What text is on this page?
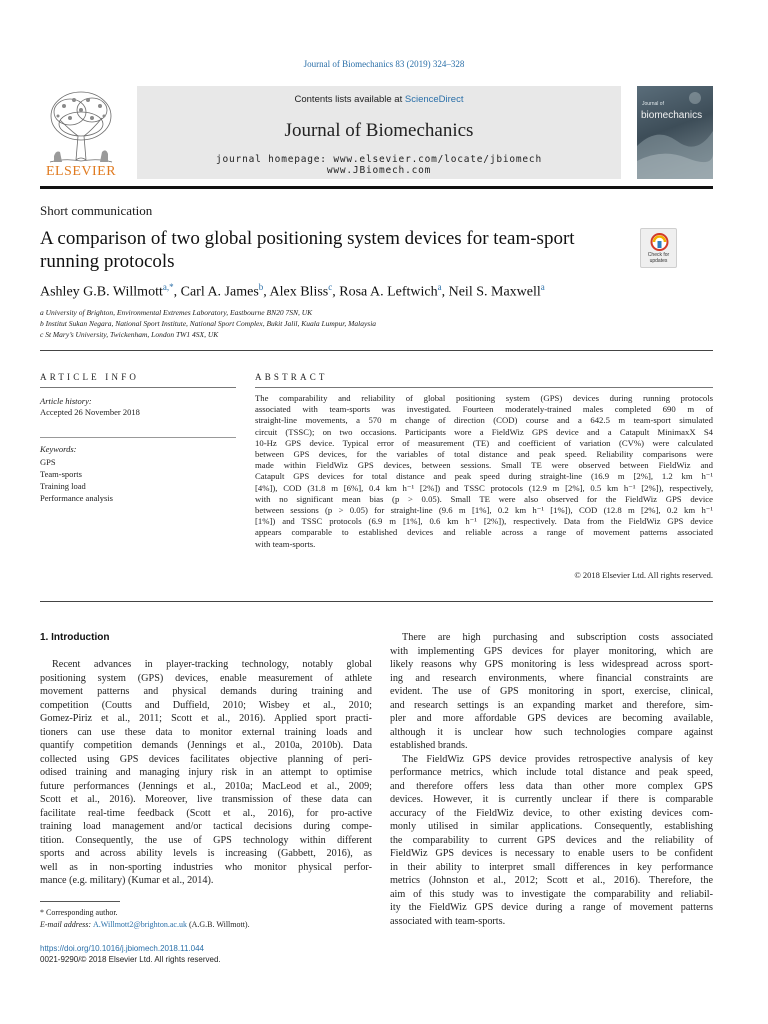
Journal of Biomechanics 83 (2019) 324–328
Contents lists available at ScienceDirect
Journal of Biomechanics
journal homepage: www.elsevier.com/locate/jbiomech
www.JBiomech.com
ELSEVIER
Journal of
biomechanics
Short communication
A comparison of two global positioning system devices for team-sport
running protocols	Check for updates
Ashley G.B. Willmott$^{a,*}$, Carl A. James$^b$, Alex Bliss$^c$, Rosa A. Leftwich$^a$, Neil S. Maxwell$^a$
a University of Brighton, Environmental Extremes Laboratory, Eastbourne BN20 7SN, UK
b Institut Sukan Negara, National Sport Institute, National Sport Complex, Bukit Jalil, Kuala Lumpur, Malaysia
c St Mary’s University, Twickenham, London TW1 4SX, UK
ARTICLE INFO	ABSTRACT
Article history:
Accepted 26 November 2018
Keywords:
GPS
Team-sports
Training load
Performance analysis
The comparability and reliability of global positioning system (GPS) devices during running protocols
associated with team-sports was investigated. Fourteen moderately-trained males completed 690 m of
straight-line movements, a 570 m change of direction (COD) course and a 642.5 m team-sport simulated
circuit (TSSC); on two occasions. Participants wore a FieldWiz GPS device and a Catapult MinimaxX S4
10-Hz GPS device. Typical error of measurement (TE) and coefficient of variation (CV%) were calculated
between GPS devices, for the variables of total distance and peak speed. Reliability comparisons were
made within FieldWiz GPS devices, between sessions. Small TE were observed between FieldWiz and
Catapult GPS devices for total distance and peak speed during straight-line (16.9 m [2%], 1.2 km h⁻¹
[4%]), COD (31.8 m [6%], 0.4 km h⁻¹ [2%]) and TSSC protocols (12.9 m [2%], 0.5 km h⁻¹ [2%]), respectively,
with no significant mean bias (p > 0.05). Small TE were also observed for the FieldWiz GPS device
between sessions (p > 0.05) for straight-line (9.6 m [1%], 0.2 km h⁻¹ [1%]), COD (12.8 m [2%], 0.2 km h⁻¹
[1%]) and TSSC protocols (6.9 m [1%], 0.6 km h⁻¹ [2%]), respectively. Data from the FieldWiz GPS device
appears comparable to established devices and reliable across a range of movement patterns associated
with team-sports.
© 2018 Elsevier Ltd. All rights reserved.
1. Introduction
Recent advances in player-tracking technology, notably global
positioning system (GPS) devices, enable measurement of athlete
movement patterns and physical demands during training and
competition (Coutts and Duffield, 2010; Wisbey et al., 2010;
Gomez-Piriz et al., 2011; Scott et al., 2016). Applied sport practi-
tioners can use these data to monitor external training loads and
quantify competition demands (Jennings et al., 2010a, 2010b). Data
collected using GPS devices facilitates objective planning of peri-
odised training and managing injury risk in an attempt to optimise
future performances (Jennings et al., 2010a; MacLeod et al., 2009;
Scott et al., 2016). Moreover, live transmission of these data can
facilitate real-time feedback (Scott et al., 2016), for pro-active
training load management and/or tactical decisions during compe-
tition. Consequently, the use of GPS technology within different
sports and across ability levels is increasing (Gabbett, 2016), as
well as in non-sporting industries who monitor physical perfor-
mance (e.g. military) (Kumar et al., 2014).
There are high purchasing and subscription costs associated
with implementing GPS devices for player monitoring, which are
likely reasons why GPS monitoring is less widespread across sport-
ing and research environments, where financial constraints are
evident. The use of GPS monitoring in sport, exercise, clinical,
and research settings is an expanding market and therefore, sim-
pler and more affordable GPS devices are becoming available,
although it is unclear how such technologies compare against
established brands.
The FieldWiz GPS device provides retrospective analysis of key
performance metrics, which include total distance and peak speed,
and therefore offers less data than other more complex GPS
devices. However, it is currently unclear if there is comparable
accuracy of the FieldWiz device, to other existing devices com-
monly utilised in similar applications. Consequently, establishing
the comparability to current GPS devices and the reliability of
FieldWiz GPS devices is necessary to enable users to be confident
in their ability to interpret small differences in key performance
metrics (Johnston et al., 2012; Scott et al., 2016). Therefore, the
aim of this study was to investigate the comparability and reliabil-
ity the FieldWiz GPS device during a range of movement patterns
associated with team-sports.
* Corresponding author.
E-mail address: A.Willmott2@brighton.ac.uk (A.G.B. Willmott).
https://doi.org/10.1016/j.jbiomech.2018.11.044
0021-9290/© 2018 Elsevier Ltd. All rights reserved.
